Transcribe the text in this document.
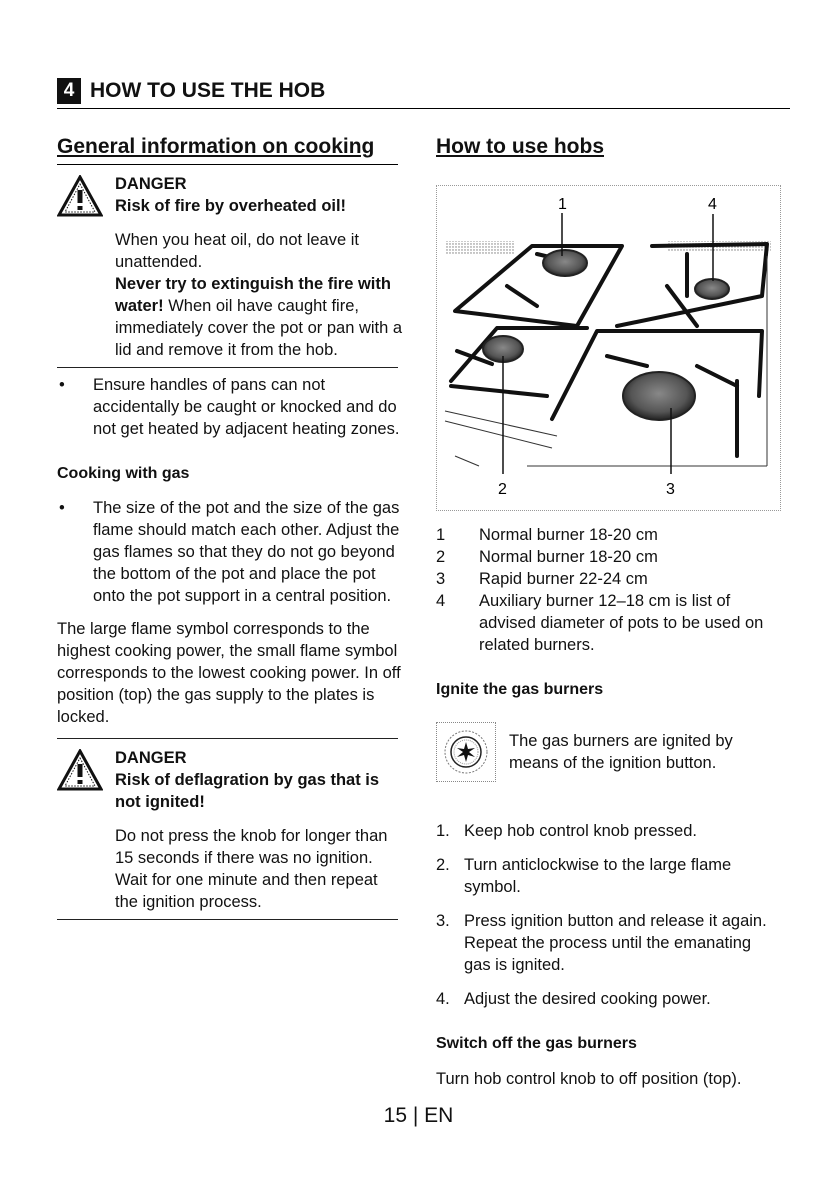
4 HOW TO USE THE HOB
General information on cooking
DANGER
Risk of fire by overheated oil!
When you heat oil, do not leave it unattended.
Never try to extinguish the fire with water! When oil have caught fire, immediately cover the pot or pan with a lid and remove it from the hob.
• Ensure handles of pans can not accidentally be caught or knocked and do not get heated by adjacent heating zones.
Cooking with gas
• The size of the pot and the size of the gas flame should match each other. Adjust the gas flames so that they do not go beyond the bottom of the pot and place the pot onto the pot support in a central position.
The large flame symbol corresponds to the highest cooking power, the small flame symbol corresponds to the lowest cooking power. In off position (top) the gas supply to the plates is locked.
DANGER
Risk of deflagration by gas that is not ignited!
Do not press the knob for longer than 15 seconds if there was no ignition.
Wait for one minute and then repeat the ignition process.
How to use hobs
1	4
2	3
1 Normal burner 18-20 cm
2 Normal burner 18-20 cm
3 Rapid burner 22-24 cm
4 Auxiliary burner 12–18 cm is list of advised diameter of pots to be used on related burners.
Ignite the gas burners
The gas burners are ignited by means of the ignition button.
1. Keep hob control knob pressed.
2. Turn anticlockwise to the large flame symbol.
3. Press ignition button and release it again. Repeat the process until the emanating gas is ignited.
4. Adjust the desired cooking power.
Switch off the gas burners
Turn hob control knob to off position (top).
15 | EN
